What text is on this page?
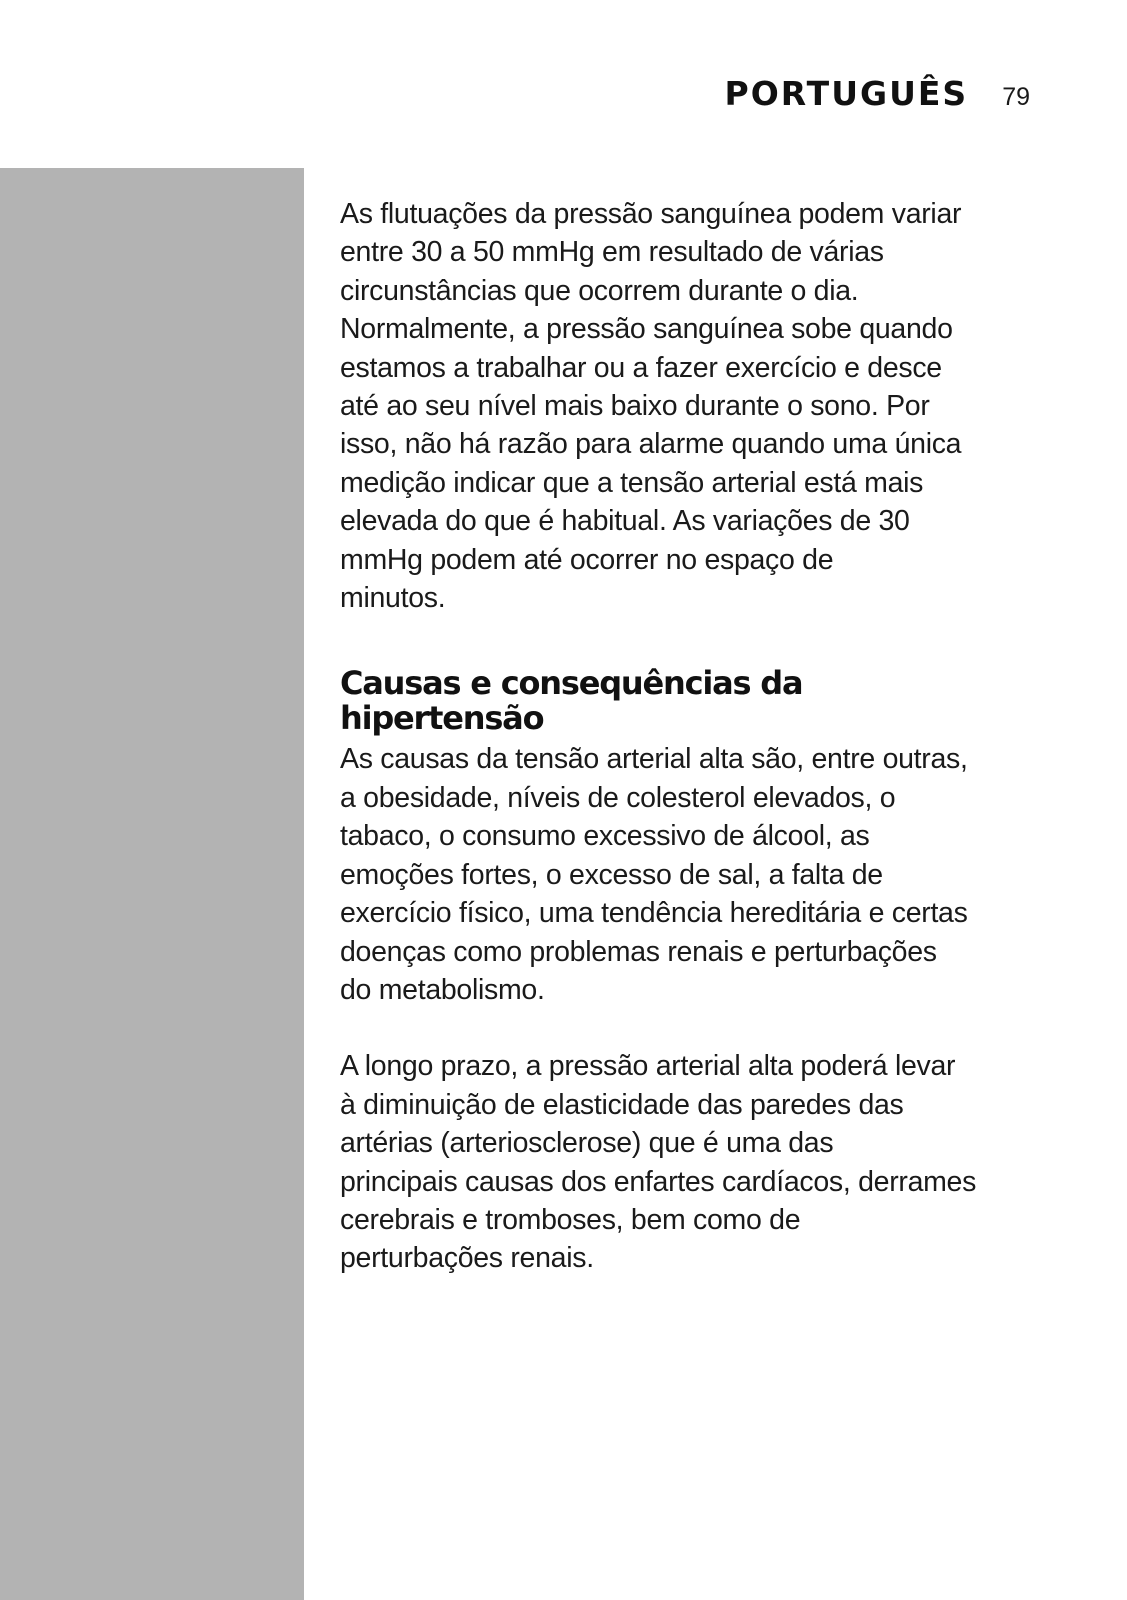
PORTUGUÊS 79

As flutuações da pressão sanguínea podem variar
entre 30 a 50 mmHg em resultado de várias
circunstâncias que ocorrem durante o dia.
Normalmente, a pressão sanguínea sobe quando
estamos a trabalhar ou a fazer exercício e desce
até ao seu nível mais baixo durante o sono. Por
isso, não há razão para alarme quando uma única
medição indicar que a tensão arterial está mais
elevada do que é habitual. As variações de 30
mmHg podem até ocorrer no espaço de
minutos.

Causas e consequências da
hipertensão

As causas da tensão arterial alta são, entre outras,
a obesidade, níveis de colesterol elevados, o
tabaco, o consumo excessivo de álcool, as
emoções fortes, o excesso de sal, a falta de
exercício físico, uma tendência hereditária e certas
doenças como problemas renais e perturbações
do metabolismo.

A longo prazo, a pressão arterial alta poderá levar
à diminuição de elasticidade das paredes das
artérias (arteriosclerose) que é uma das
principais causas dos enfartes cardíacos, derrames
cerebrais e tromboses, bem como de
perturbações renais.
